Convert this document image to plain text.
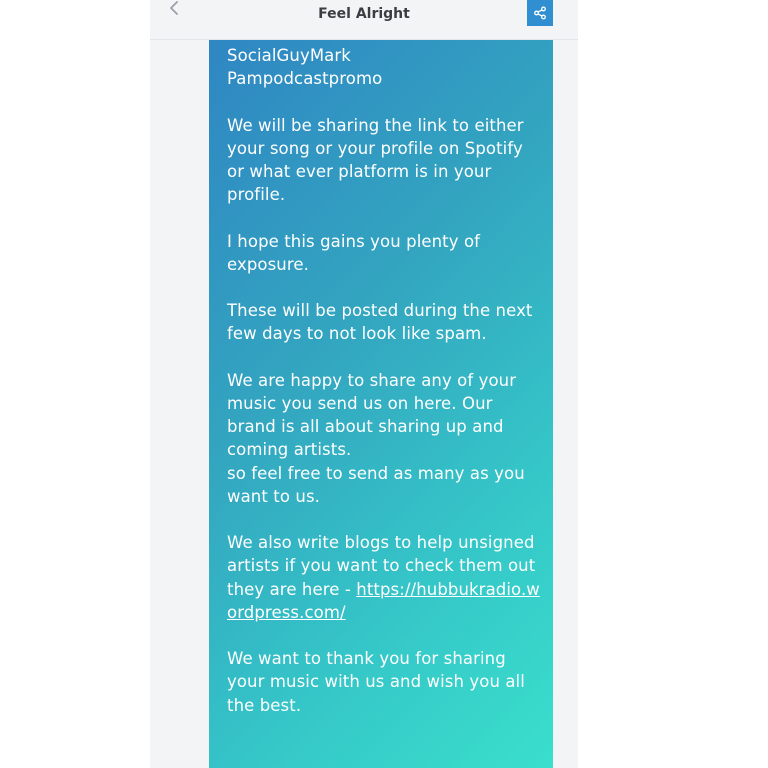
Feel Alright

SocialGuyMark
Pampodcastpromo

We will be sharing the link to either your song or your profile on Spotify or what ever platform is in your profile.

I hope this gains you plenty of exposure.

These will be posted during the next few days to not look like spam.

We are happy to share any of your music you send us on here. Our brand is all about sharing up and coming artists.
so feel free to send as many as you want to us.

We also write blogs to help unsigned artists if you want to check them out they are here - https://hubbukradio.wordpress.com/

We want to thank you for sharing your music with us and wish you all the best.
